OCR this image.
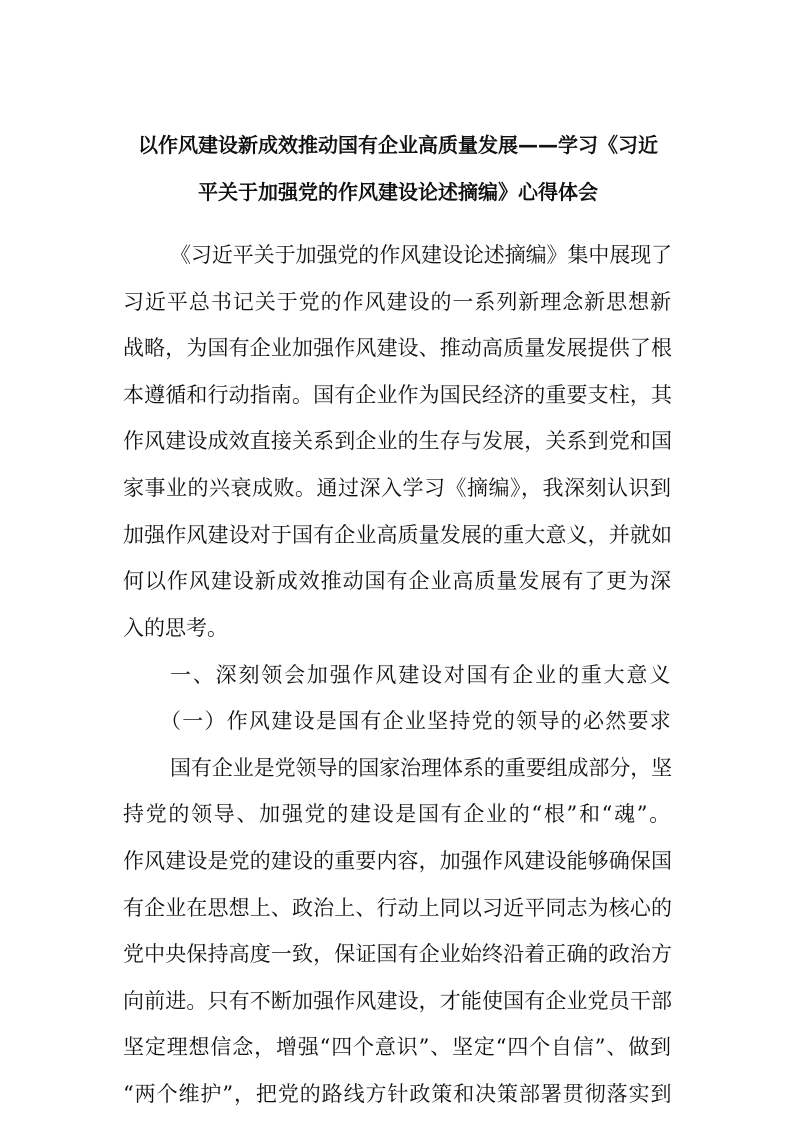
以作风建设新成效推动国有企业高质量发展——学习《习近
平关于加强党的作风建设论述摘编》心得体会
《习近平关于加强党的作风建设论述摘编》集中展现了
习近平总书记关于党的作风建设的一系列新理念新思想新
战略，为国有企业加强作风建设、推动高质量发展提供了根
本遵循和行动指南。国有企业作为国民经济的重要支柱，其
作风建设成效直接关系到企业的生存与发展，关系到党和国
家事业的兴衰成败。通过深入学习《摘编》，我深刻认识到
加强作风建设对于国有企业高质量发展的重大意义，并就如
何以作风建设新成效推动国有企业高质量发展有了更为深
入的思考。
一、深刻领会加强作风建设对国有企业的重大意义
（一）作风建设是国有企业坚持党的领导的必然要求
国有企业是党领导的国家治理体系的重要组成部分，坚
持党的领导、加强党的建设是国有企业的“根”和“魂”。
作风建设是党的建设的重要内容，加强作风建设能够确保国
有企业在思想上、政治上、行动上同以习近平同志为核心的
党中央保持高度一致，保证国有企业始终沿着正确的政治方
向前进。只有不断加强作风建设，才能使国有企业党员干部
坚定理想信念，增强“四个意识”、坚定“四个自信”、做到
“两个维护”，把党的路线方针政策和决策部署贯彻落实到
